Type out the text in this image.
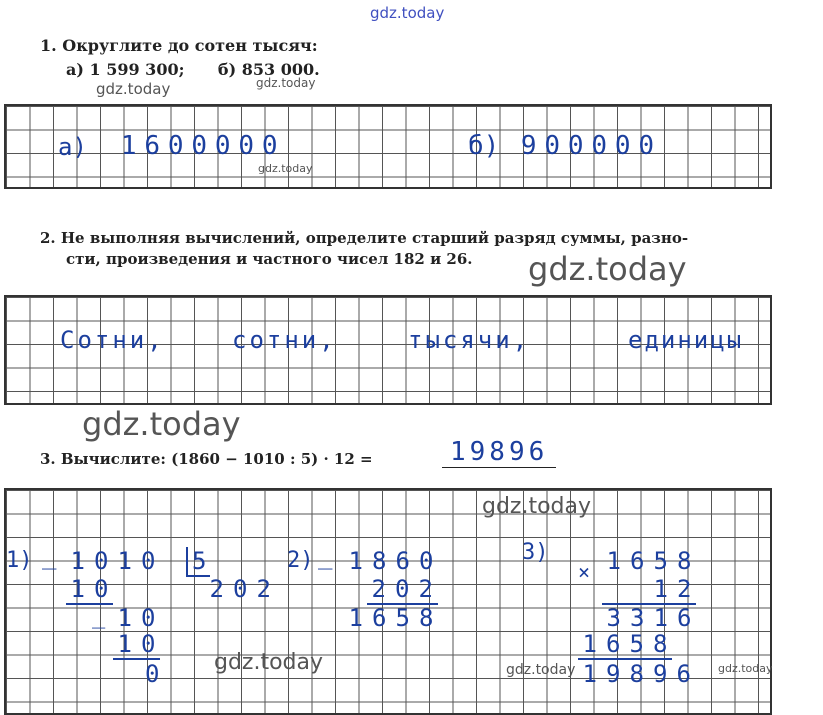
gdz.today
1. Округлите до сотен тысяч:
а) 1 599 300;      б) 853 000.
gdz.today	gdz.today
а) 1 6 0 0 0 0 0	б) 9 0 0 0 0 0
gdz.today
2. Не выполняя вычислений, определите старший разряд суммы, разно-
сти, произведения и частного чисел 182 и 26. gdz.today
Сотни,	сотни,	тысячи,	единицы
gdz.today
3. Вычислите: (1860 − 1010 : 5) · 12 =	19896
gdz.today
1) _ 1 0 1 0 5
1 0	2 0 2
_ 1 0
1 0
0
2) _ 1 8 6 0
2 0 2
1 6 5 8
3)
× 1 6 5 8
1 2
3 3 1 6
1 6 5 8
1 9 8 9 6
gdz.today	gdz.today	gdz.today
